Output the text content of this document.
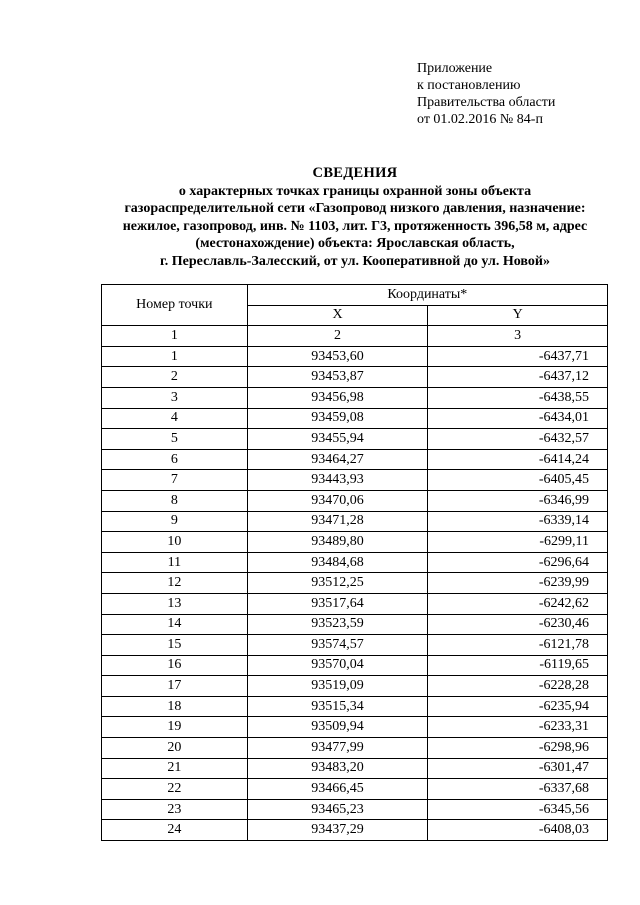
Приложение
к постановлению
Правительства области
от 01.02.2016 № 84-п
СВЕДЕНИЯ
о характерных точках границы охранной зоны объекта
газораспределительной сети «Газопровод низкого давления, назначение:
нежилое, газопровод, инв. № 1103, лит. Г3, протяженность 396,58 м, адрес
(местонахождение) объекта: Ярославская область,
г. Переславль-Залесский, от ул. Кооперативной до ул. Новой»
Номер точки	Координаты*	
	X	Y
1	2	3
1	93453,60	-6437,71
2	93453,87	-6437,12
3	93456,98	-6438,55
4	93459,08	-6434,01
5	93455,94	-6432,57
6	93464,27	-6414,24
7	93443,93	-6405,45
8	93470,06	-6346,99
9	93471,28	-6339,14
10	93489,80	-6299,11
11	93484,68	-6296,64
12	93512,25	-6239,99
13	93517,64	-6242,62
14	93523,59	-6230,46
15	93574,57	-6121,78
16	93570,04	-6119,65
17	93519,09	-6228,28
18	93515,34	-6235,94
19	93509,94	-6233,31
20	93477,99	-6298,96
21	93483,20	-6301,47
22	93466,45	-6337,68
23	93465,23	-6345,56
24	93437,29	-6408,03
